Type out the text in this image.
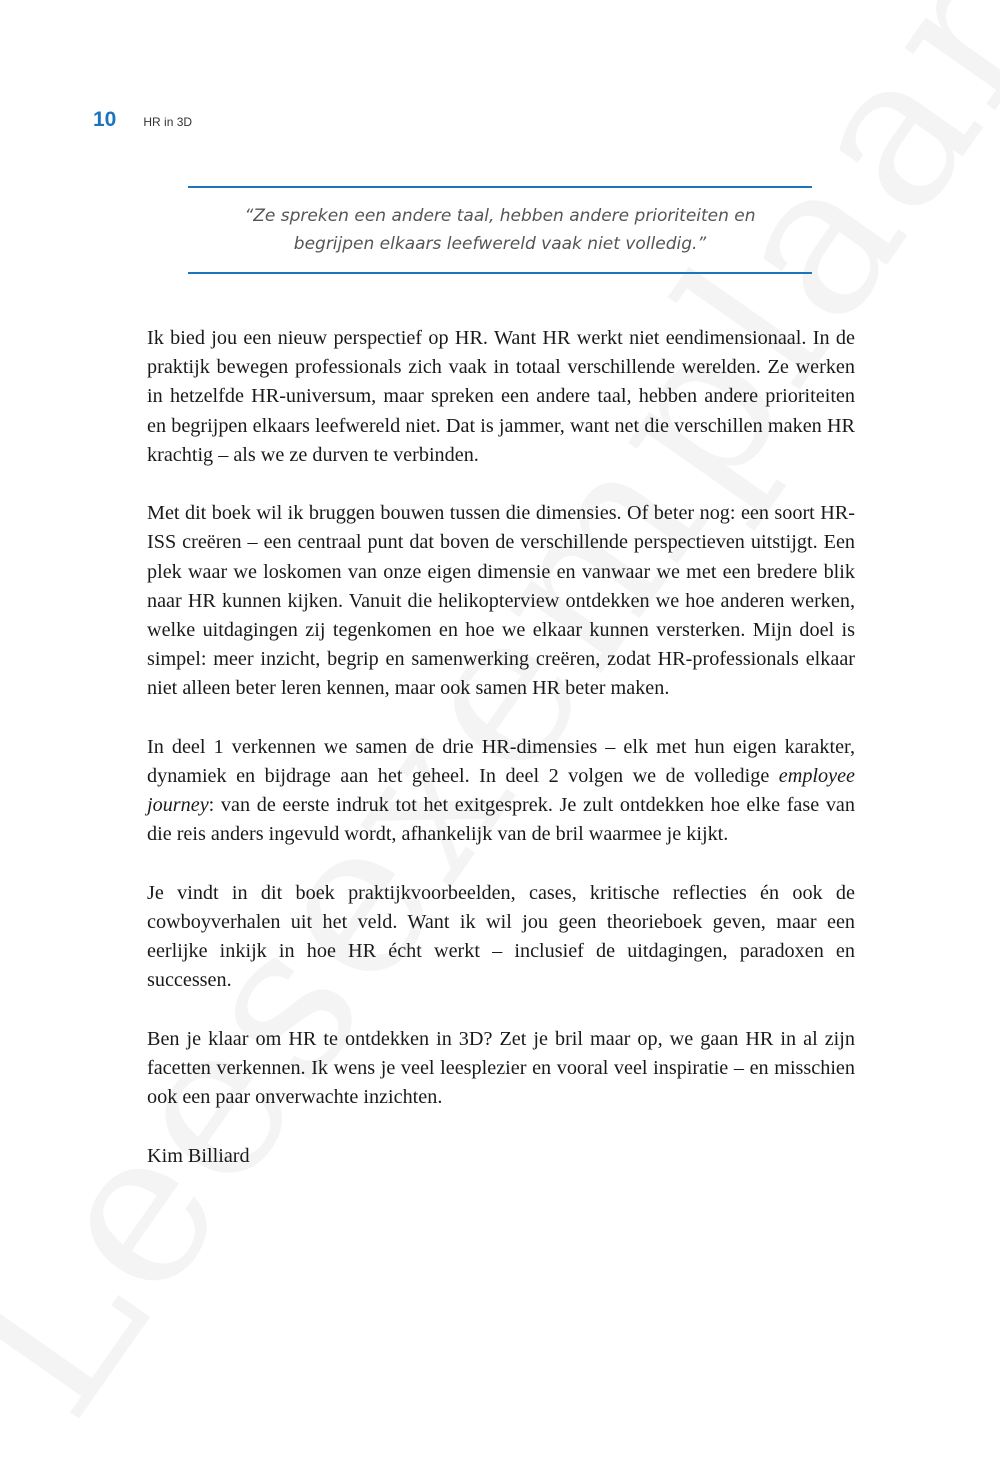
10 HR in 3D

“Ze spreken een andere taal, hebben andere prioriteiten en
begrijpen elkaars leefwereld vaak niet volledig.”

Ik bied jou een nieuw perspectief op HR. Want HR werkt niet eendimensionaal. In de praktijk bewegen professionals zich vaak in totaal verschillende werelden. Ze werken in hetzelfde HR-universum, maar spreken een andere taal, hebben andere prioriteiten en begrijpen elkaars leefwereld niet. Dat is jammer, want net die verschillen maken HR krachtig – als we ze durven te verbinden.

Met dit boek wil ik bruggen bouwen tussen die dimensies. Of beter nog: een soort HR-ISS creëren – een centraal punt dat boven de verschillende perspectieven uitstijgt. Een plek waar we loskomen van onze eigen dimensie en vanwaar we met een bredere blik naar HR kunnen kijken. Vanuit die helikopterview ontdekken we hoe anderen werken, welke uitdagingen zij tegenkomen en hoe we elkaar kunnen versterken. Mijn doel is simpel: meer inzicht, begrip en samenwerking creëren, zodat HR-professionals elkaar niet alleen beter leren kennen, maar ook samen HR beter maken.

In deel 1 verkennen we samen de drie HR-dimensies – elk met hun eigen karakter, dynamiek en bijdrage aan het geheel. In deel 2 volgen we de volledige employee journey: van de eerste indruk tot het exitgesprek. Je zult ontdekken hoe elke fase van die reis anders ingevuld wordt, afhankelijk van de bril waarmee je kijkt.

Je vindt in dit boek praktijkvoorbeelden, cases, kritische reflecties én ook de cowboyverhalen uit het veld. Want ik wil jou geen theorieboek geven, maar een eerlijke inkijk in hoe HR écht werkt – inclusief de uitdagingen, paradoxen en successen.

Ben je klaar om HR te ontdekken in 3D? Zet je bril maar op, we gaan HR in al zijn facetten verkennen. Ik wens je veel leesplezier en vooral veel inspiratie – en misschien ook een paar onverwachte inzichten.

Kim Billiard
